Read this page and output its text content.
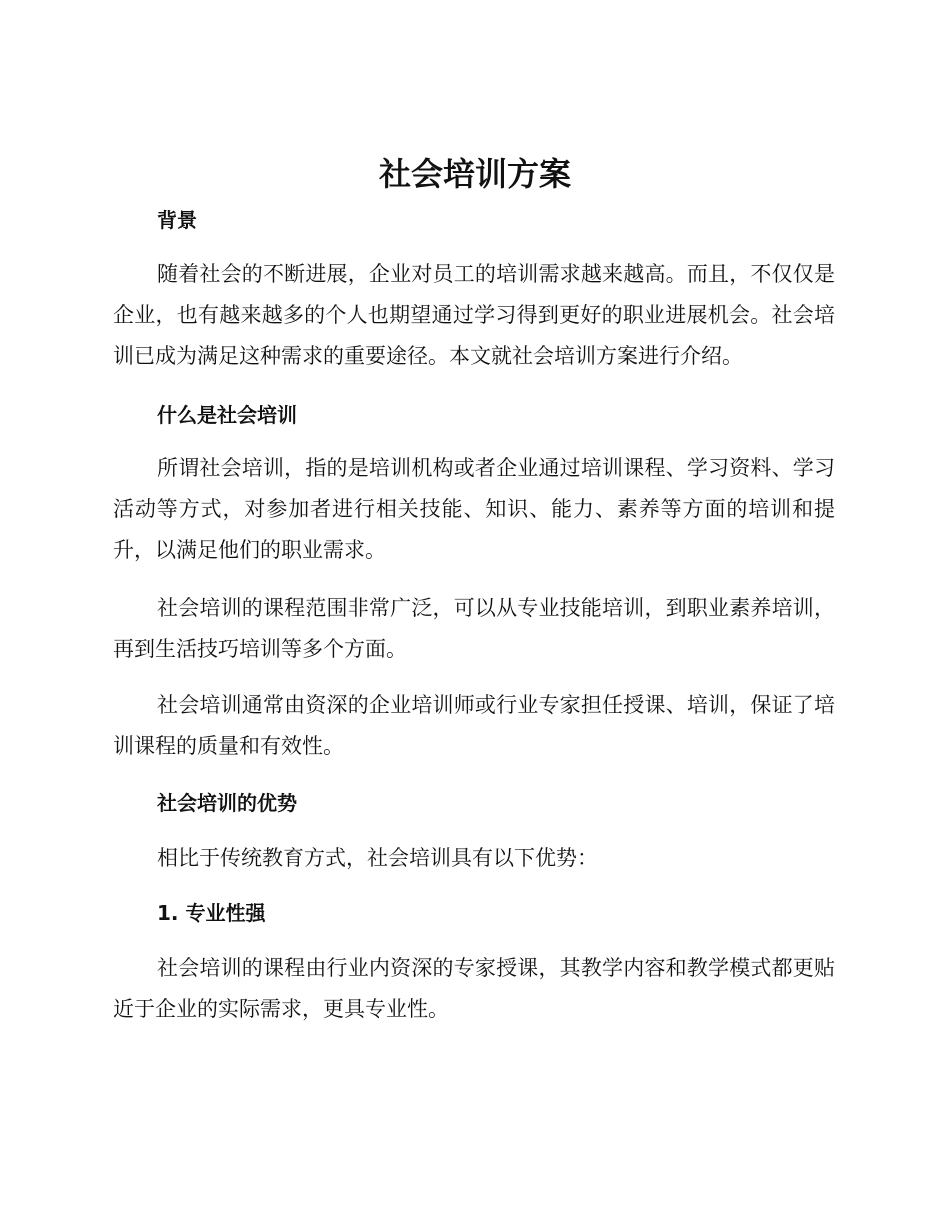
社会培训方案
背景

随着社会的不断进展，企业对员工的培训需求越来越高。而且，不仅仅是企业，也有越来越多的个人也期望通过学习得到更好的职业进展机会。社会培训已成为满足这种需求的重要途径。本文就社会培训方案进行介绍。

什么是社会培训

所谓社会培训，指的是培训机构或者企业通过培训课程、学习资料、学习活动等方式，对参加者进行相关技能、知识、能力、素养等方面的培训和提升，以满足他们的职业需求。

社会培训的课程范围非常广泛，可以从专业技能培训，到职业素养培训，再到生活技巧培训等多个方面。

社会培训通常由资深的企业培训师或行业专家担任授课、培训，保证了培训课程的质量和有效性。

社会培训的优势

相比于传统教育方式，社会培训具有以下优势：

1. 专业性强

社会培训的课程由行业内资深的专家授课，其教学内容和教学模式都更贴近于企业的实际需求，更具专业性。
